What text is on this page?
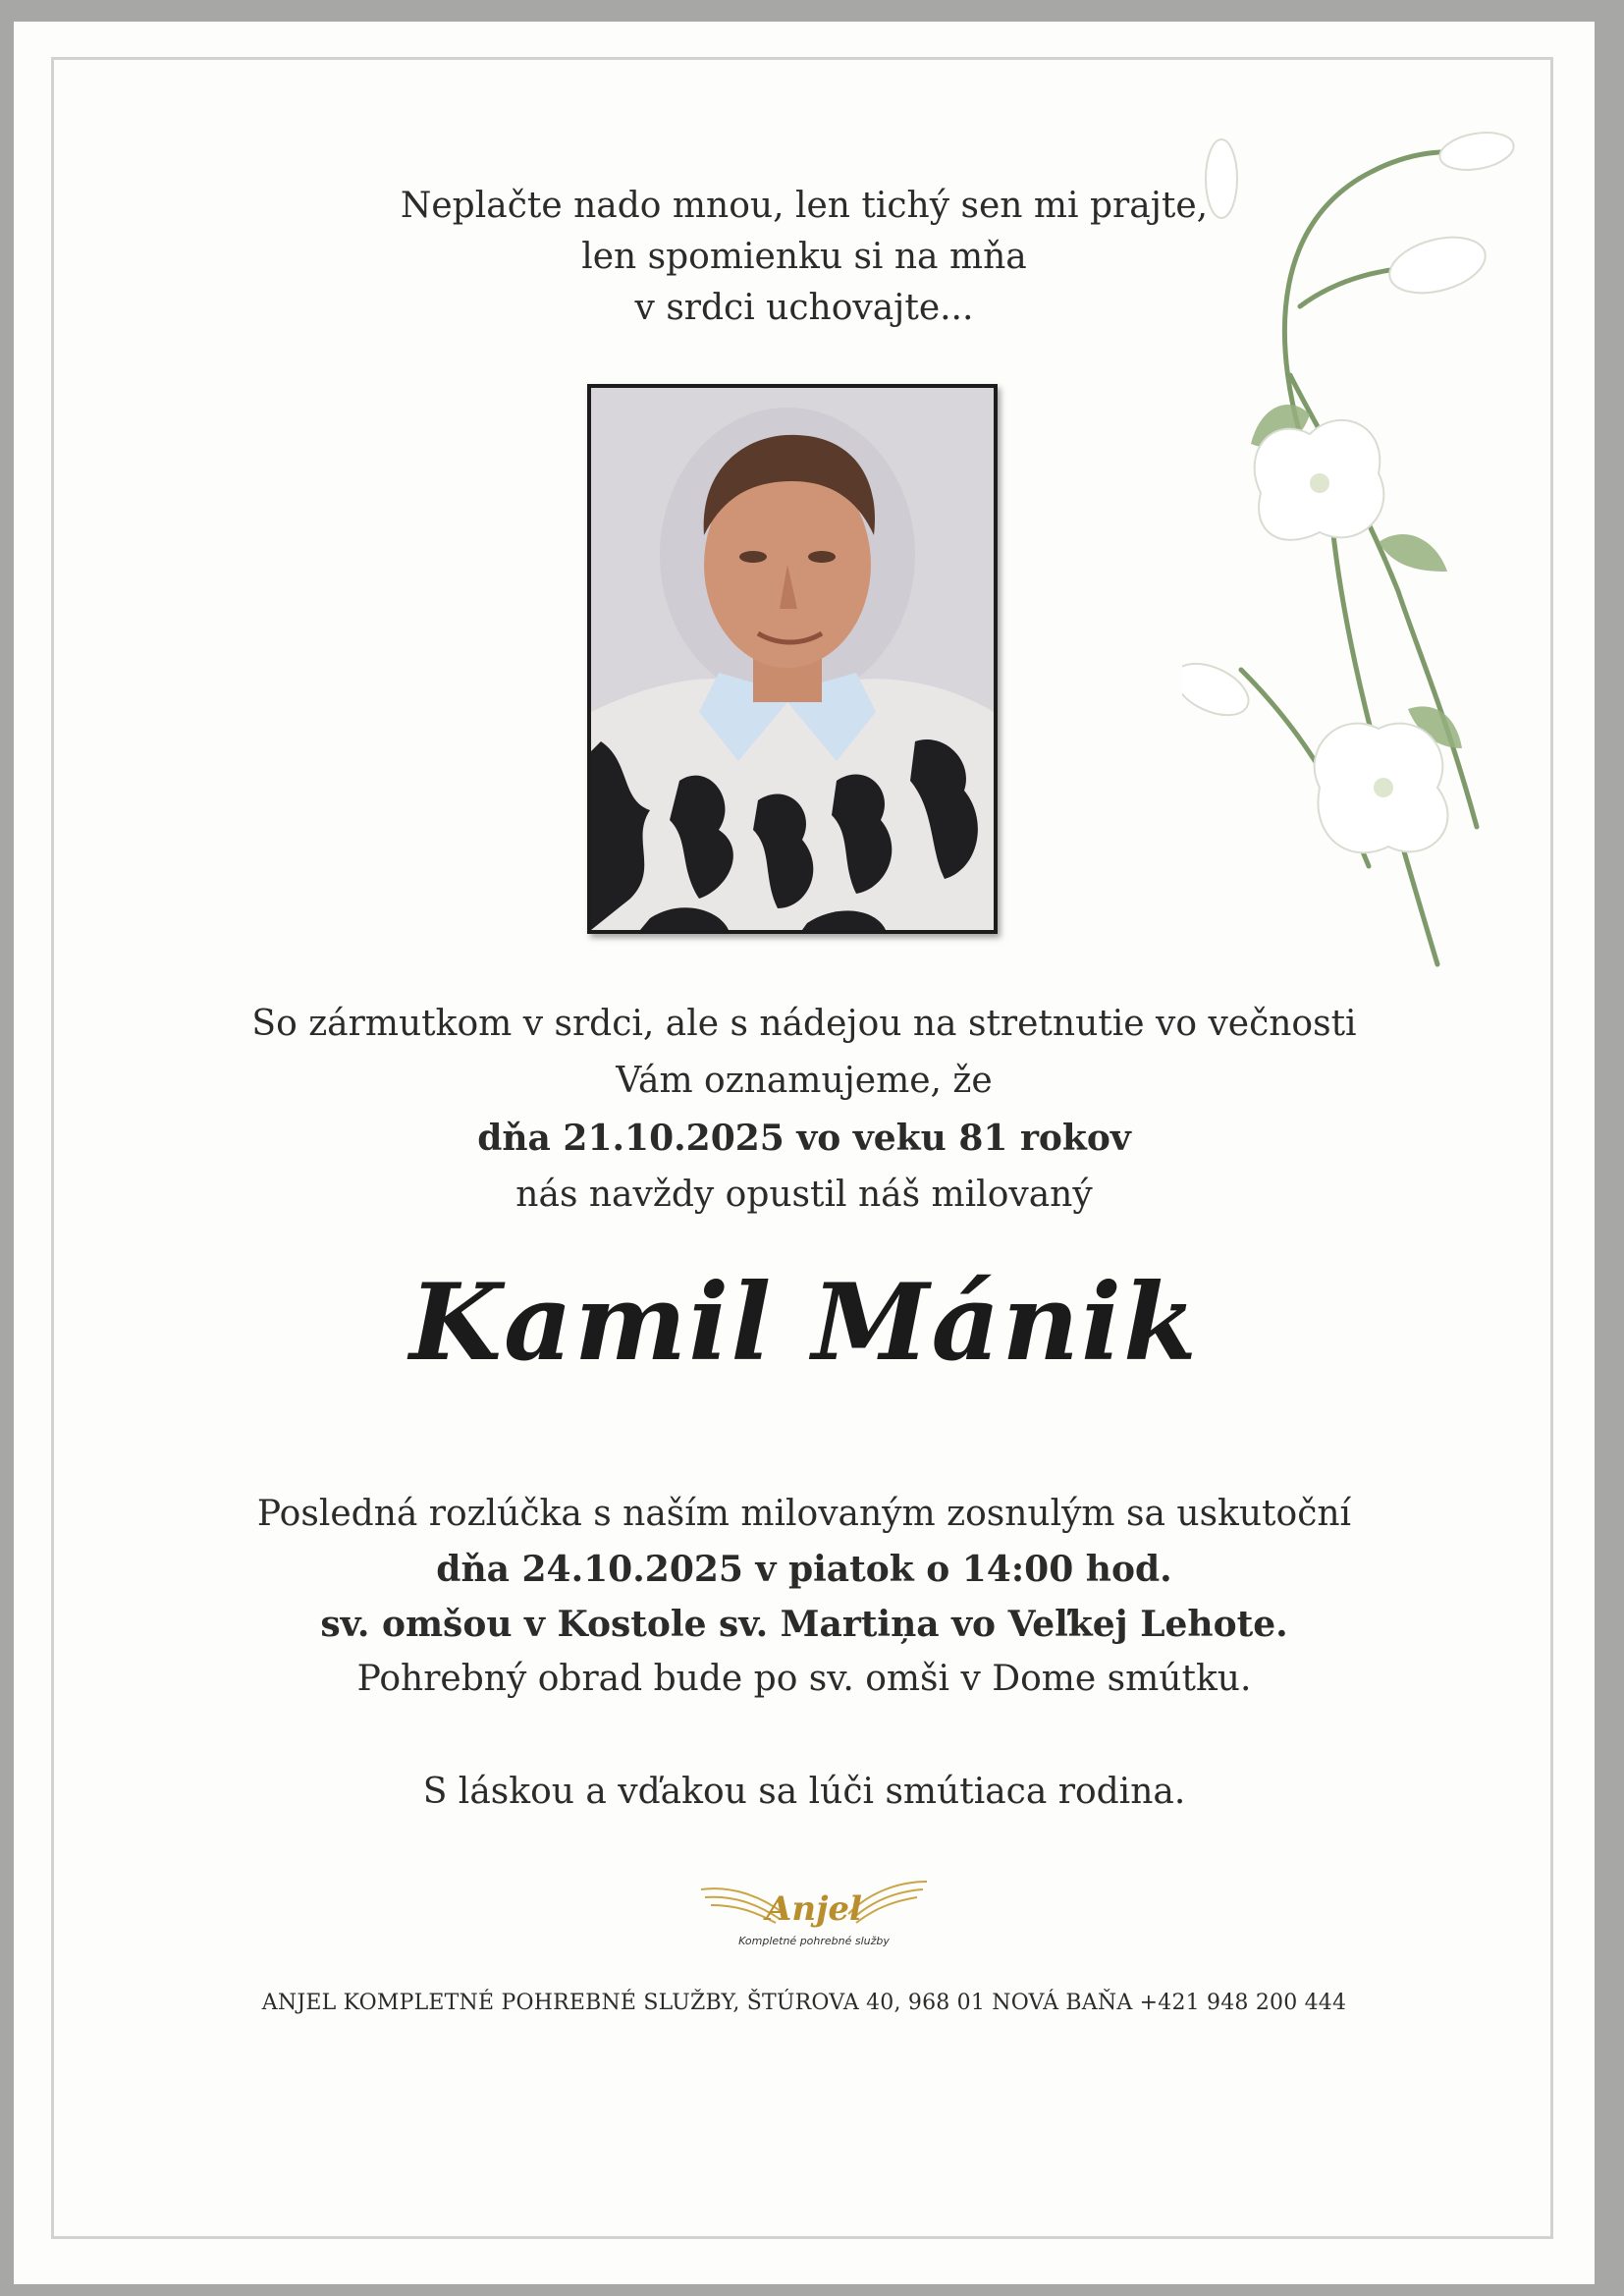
Neplačte nado mnou, len tichý sen mi prajte,
len spomienku si na mňa
v srdci uchovajte...
So zármutkom v srdci, ale s nádejou na stretnutie vo večnosti
Vám oznamujeme, že
dňa 21.10.2025 vo veku 81 rokov
nás navždy opustil náš milovaný
Kamil Mánik
Posledná rozlúčka s naším milovaným zosnulým sa uskutoční
dňa 24.10.2025 v piatok o 14:00 hod.
sv. omšou v Kostole sv. Martiņa vo Veľkej Lehote.
Pohrebný obrad bude po sv. omši v Dome smútku.
S láskou a vďakou sa lúči smútiaca rodina.
Anjel
Kompletné pohrebné služby
ANJEL KOMPLETNÉ POHREBNÉ SLUŽBY, ŠTÚROVA 40, 968 01 NOVÁ BAŇA +421 948 200 444
